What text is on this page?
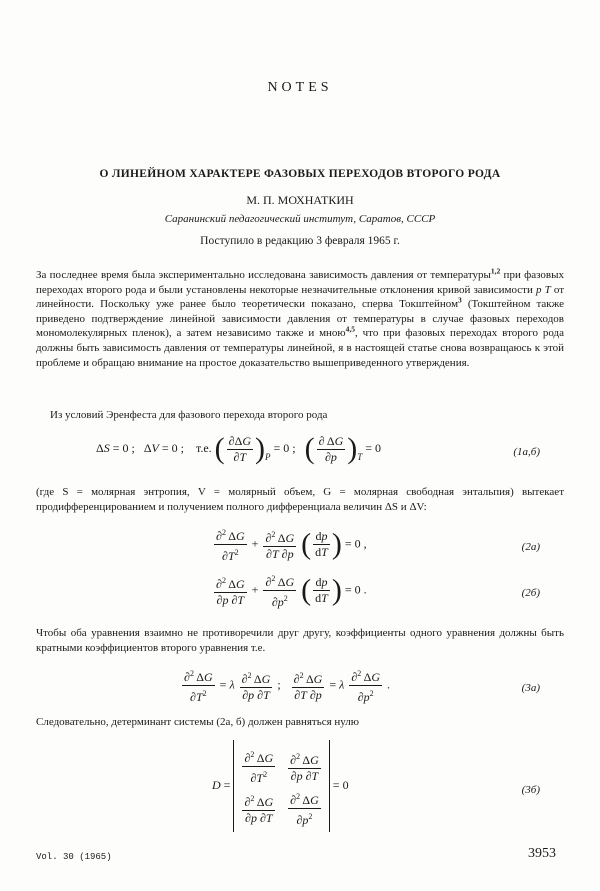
NOTES
О ЛИНЕЙНОМ ХАРАКТЕРЕ ФАЗОВЫХ ПЕРЕХОДОВ ВТОРОГО РОДА
М. П. МОХНАТКИН
Саранинский педагогический институт, Саратов, СССР
Поступило в редакцию 3 февраля 1965 г.
За последнее время была экспериментально исследована зависимость давления от температуры$^{1,2}$ при фазовых переходах второго рода и были установлены некоторые незначительные отклонения кривой зависимости p T от линейности. Поскольку уже ранее было теоретически показано, сперва Токштейном$^3$ (Токштейном также приведено подтверждение линейной зависимости давления от температуры в случае фазовых переходов мономолекулярных пленок), а затем независимо также и мною$^{4,5}$, что при фазовых переходах второго рода должны быть зависимость давления от температуры линейной, я в настоящей статье снова возвращаюсь к этой проблеме и обращаю внимание на простое доказательство вышеприведенного утверждения.
Из условий Эренфеста для фазового перехода второго рода
ΔS = 0 ;   ΔV = 0 ;    т.е. ( $\frac{\partial\Delta G}{\partial T} )_P = 0$ ;   ( $\frac{\partial \Delta G}{\partial p} )_T = 0$	(1а,б)
(где S = молярная энтропия, V = молярный объем, G = молярная свободная энтальпия) вытекает продифференцированием и получением полного дифференциала величин ΔS и ΔV:
$\frac{\partial^2 \Delta G}{\partial T^2} + \frac{\partial^2 \Delta G}{\partial T \partial p}$ ( $\frac{dp}{dT}$ ) = 0 ,	(2а)
$\frac{\partial^2 \Delta G}{\partial p \partial T} + \frac{\partial^2 \Delta G}{\partial p^2}$ ( $\frac{dp}{dT}$ ) = 0 .	(2б)
Чтобы оба уравнения взаимно не противоречили друг другу, коэффициенты одного уравнения должны быть кратными коэффициентов второго уравнения т.е.
$\frac{\partial^2 \Delta G}{\partial T^2} = \lambda \frac{\partial^2 \Delta G}{\partial p \partial T}$ ; $\frac{\partial^2 \Delta G}{\partial T \partial p} = \lambda \frac{\partial^2 \Delta G}{\partial p^2}$ .	(3а)
Следовательно, детерминант системы (2а, б) должен равняться нулю
$D = \frac{\partial^2 \Delta G}{\partial T^2}$
$\frac{\partial^2 \Delta G}{\partial p \partial T}$
$\frac{\partial^2 \Delta G}{\partial p \partial T}$
$\frac{\partial^2 \Delta G}{\partial p^2}$
= 0	(3б)
Vol. 30 (1965)	3953
